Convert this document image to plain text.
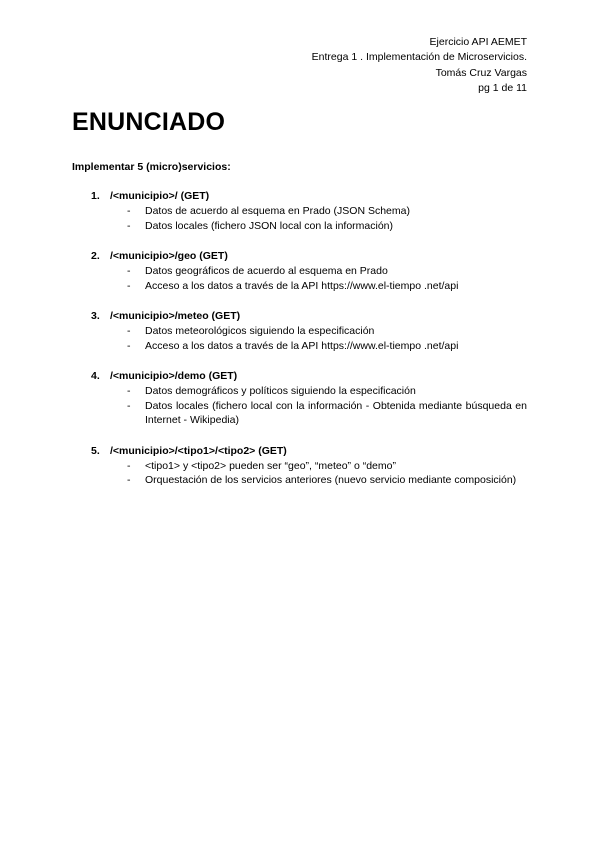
Ejercicio API AEMET
Entrega 1 . Implementación de Microservicios.
Tomás Cruz Vargas
pg 1 de 11
ENUNCIADO
Implementar 5 (micro)servicios:
1. /<municipio>/ (GET)
- Datos de acuerdo al esquema en Prado (JSON Schema)
- Datos locales (fichero JSON local con la información)
2. /<municipio>/geo (GET)
- Datos geográficos de acuerdo al esquema en Prado
- Acceso a los datos a través de la API https://www.el-tiempo .net/api
3. /<municipio>/meteo (GET)
- Datos meteorológicos siguiendo la especificación
- Acceso a los datos a través de la API https://www.el-tiempo .net/api
4. /<municipio>/demo (GET)
- Datos demográficos y políticos siguiendo la especificación
- Datos locales (fichero local con la información - Obtenida mediante búsqueda en Internet - Wikipedia)
5. /<municipio>/<tipo1>/<tipo2> (GET)
- <tipo1> y <tipo2> pueden ser “geo”, “meteo” o “demo”
- Orquestación de los servicios anteriores (nuevo servicio mediante composición)
